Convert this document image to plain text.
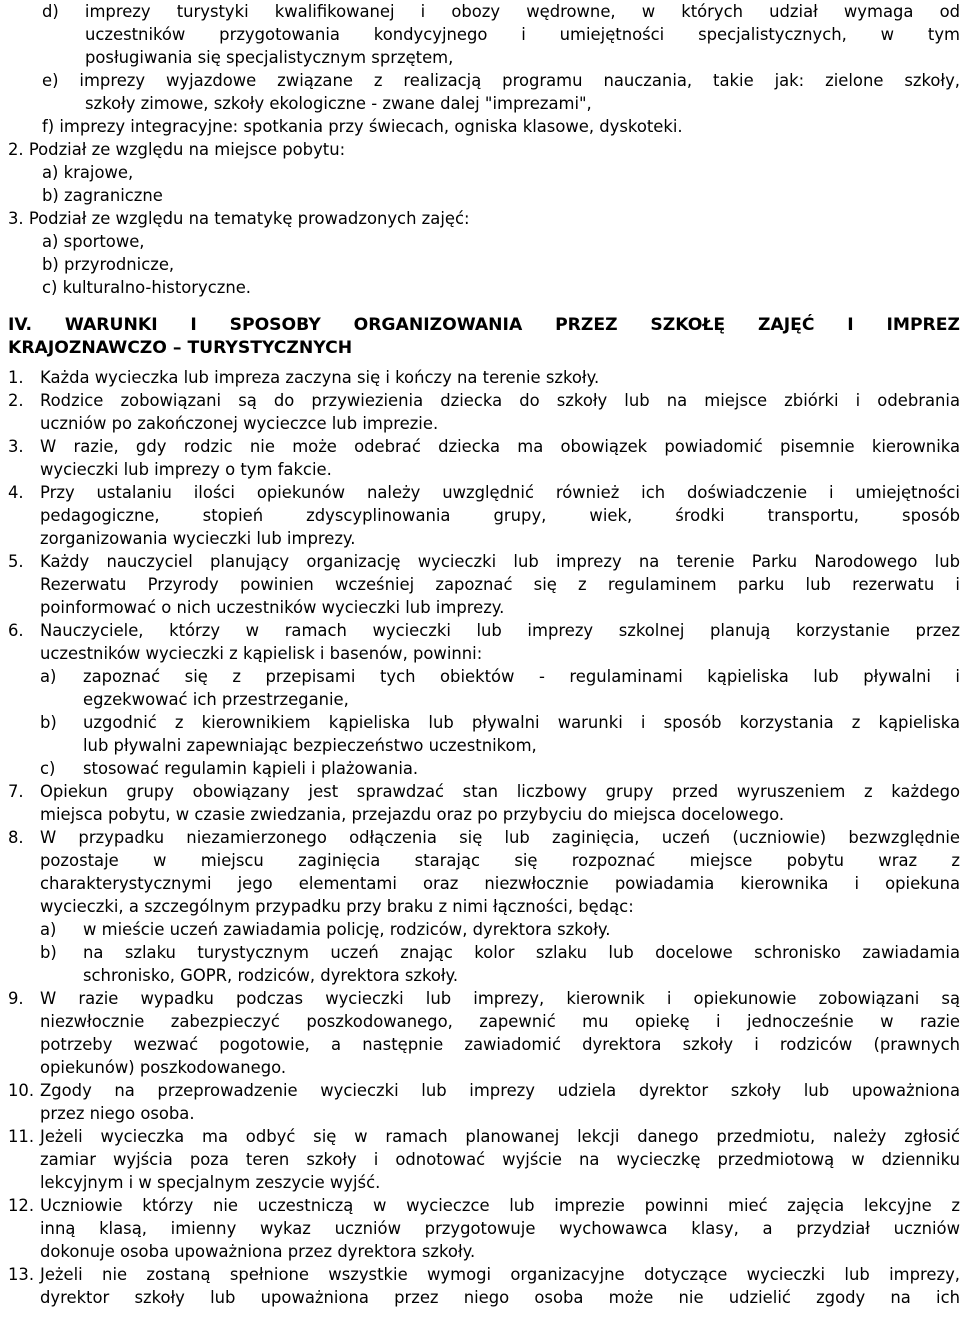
d) imprezy turystyki kwalifikowanej i obozy wędrowne, w których udział wymaga od
uczestników przygotowania kondycyjnego i umiejętności specjalistycznych, w tym
posługiwania się specjalistycznym sprzętem,
e) imprezy wyjazdowe związane z realizacją programu nauczania, takie jak: zielone szkoły,
szkoły zimowe, szkoły ekologiczne - zwane dalej "imprezami",
f) imprezy integracyjne: spotkania przy świecach, ogniska klasowe, dyskoteki.
2. Podział ze względu na miejsce pobytu:
a) krajowe,
b) zagraniczne
3. Podział ze względu na tematykę prowadzonych zajęć:
a) sportowe,
b) przyrodnicze,
c) kulturalno-historyczne.
IV. WARUNKI I SPOSOBY ORGANIZOWANIA PRZEZ SZKOŁĘ ZAJĘĆ I IMPREZ
KRAJOZNAWCZO – TURYSTYCZNYCH
1. Każda wycieczka lub impreza zaczyna się i kończy na terenie szkoły.
2. Rodzice zobowiązani są do przywiezienia dziecka do szkoły lub na miejsce zbiórki i odebrania
uczniów po zakończonej wycieczce lub imprezie.
3. W razie, gdy rodzic nie może odebrać dziecka ma obowiązek powiadomić pisemnie kierownika
wycieczki lub imprezy o tym fakcie.
4. Przy ustalaniu ilości opiekunów należy uwzględnić również ich doświadczenie i umiejętności
pedagogiczne, stopień zdyscyplinowania grupy, wiek, środki transportu, sposób
zorganizowania wycieczki lub imprezy.
5. Każdy nauczyciel planujący organizację wycieczki lub imprezy na terenie Parku Narodowego lub
Rezerwatu Przyrody powinien wcześniej zapoznać się z regulaminem parku lub rezerwatu i
poinformować o nich uczestników wycieczki lub imprezy.
6. Nauczyciele, którzy w ramach wycieczki lub imprezy szkolnej planują korzystanie przez
uczestników wycieczki z kąpielisk i basenów, powinni:
a) zapoznać się z przepisami tych obiektów - regulaminami kąpieliska lub pływalni i
egzekwować ich przestrzeganie,
b) uzgodnić z kierownikiem kąpieliska lub pływalni warunki i sposób korzystania z kąpieliska
lub pływalni zapewniając bezpieczeństwo uczestnikom,
c) stosować regulamin kąpieli i plażowania.
7. Opiekun grupy obowiązany jest sprawdzać stan liczbowy grupy przed wyruszeniem z każdego
miejsca pobytu, w czasie zwiedzania, przejazdu oraz po przybyciu do miejsca docelowego.
8. W przypadku niezamierzonego odłączenia się lub zaginięcia, uczeń (uczniowie) bezwzględnie
pozostaje w miejscu zaginięcia starając się rozpoznać miejsce pobytu wraz z
charakterystycznymi jego elementami oraz niezwłocznie powiadamia kierownika i opiekuna
wycieczki, a szczególnym przypadku przy braku z nimi łączności, będąc:
a) w mieście uczeń zawiadamia policję, rodziców, dyrektora szkoły.
b) na szlaku turystycznym uczeń znając kolor szlaku lub docelowe schronisko zawiadamia
schronisko, GOPR, rodziców, dyrektora szkoły.
9. W razie wypadku podczas wycieczki lub imprezy, kierownik i opiekunowie zobowiązani są
niezwłocznie zabezpieczyć poszkodowanego, zapewnić mu opiekę i jednocześnie w razie
potrzeby wezwać pogotowie, a następnie zawiadomić dyrektora szkoły i rodziców (prawnych
opiekunów) poszkodowanego.
10. Zgody na przeprowadzenie wycieczki lub imprezy udziela dyrektor szkoły lub upoważniona
przez niego osoba.
11. Jeżeli wycieczka ma odbyć się w ramach planowanej lekcji danego przedmiotu, należy zgłosić
zamiar wyjścia poza teren szkoły i odnotować wyjście na wycieczkę przedmiotową w dzienniku
lekcyjnym i w specjalnym zeszycie wyjść.
12. Uczniowie którzy nie uczestniczą w wycieczce lub imprezie powinni mieć zajęcia lekcyjne z
inną klasą, imienny wykaz uczniów przygotowuje wychowawca klasy, a przydział uczniów
dokonuje osoba upoważniona przez dyrektora szkoły.
13. Jeżeli nie zostaną spełnione wszystkie wymogi organizacyjne dotyczące wycieczki lub imprezy,
dyrektor szkoły lub upoważniona przez niego osoba może nie udzielić zgody na ich
